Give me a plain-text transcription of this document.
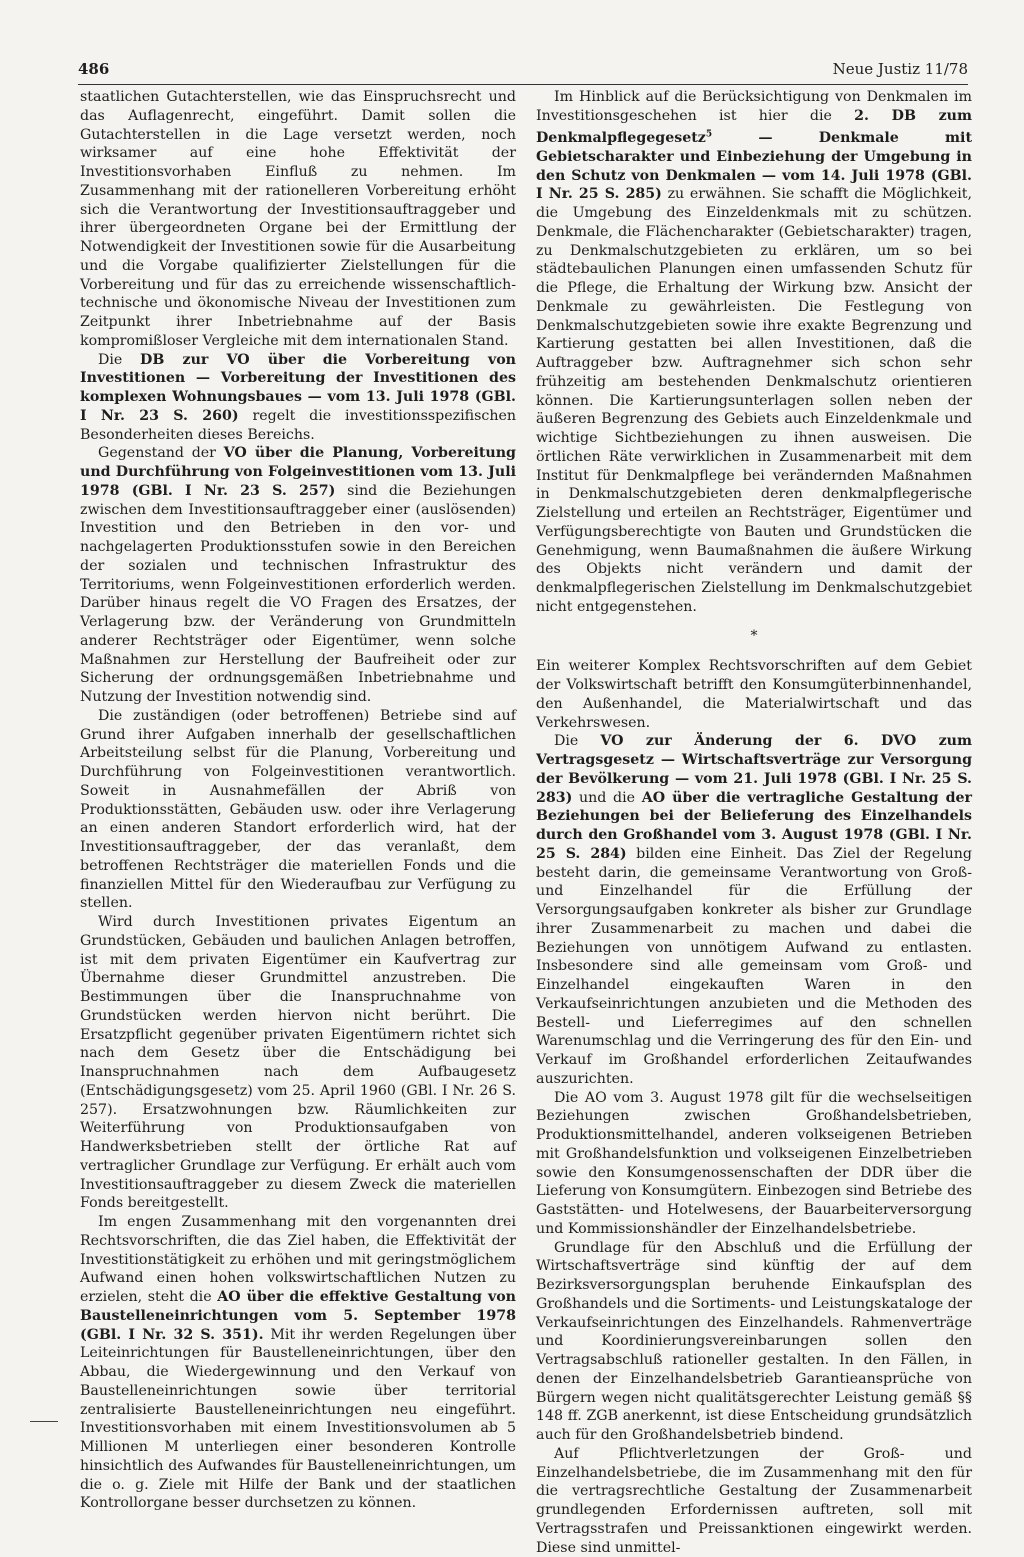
486	Neue Justiz 11/78

staatlichen Gutachterstellen, wie das Einspruchsrecht und das Auflagenrecht, eingeführt. Damit sollen die Gutachterstellen in die Lage versetzt werden, noch wirksamer auf eine hohe Effektivität der Investitionsvorhaben Einfluß zu nehmen. Im Zusammenhang mit der rationelleren Vorbereitung erhöht sich die Verantwortung der Investitionsauftraggeber und ihrer übergeordneten Organe bei der Ermittlung der Notwendigkeit der Investitionen sowie für die Ausarbeitung und die Vorgabe qualifizierter Zielstellungen für die Vorbereitung und für das zu erreichende wissenschaftlich-technische und ökonomische Niveau der Investitionen zum Zeitpunkt ihrer Inbetriebnahme auf der Basis kompromißloser Vergleiche mit dem internationalen Stand.

Die DB zur VO über die Vorbereitung von Investitionen — Vorbereitung der Investitionen des komplexen Wohnungsbaues — vom 13. Juli 1978 (GBl. I Nr. 23 S. 260) regelt die investitionsspezifischen Besonderheiten dieses Bereichs.

Gegenstand der VO über die Planung, Vorbereitung und Durchführung von Folgeinvestitionen vom 13. Juli 1978 (GBl. I Nr. 23 S. 257) sind die Beziehungen zwischen dem Investitionsauftraggeber einer (auslösenden) Investition und den Betrieben in den vor- und nachgelagerten Produktionsstufen sowie in den Bereichen der sozialen und technischen Infrastruktur des Territoriums, wenn Folgeinvestitionen erforderlich werden. Darüber hinaus regelt die VO Fragen des Ersatzes, der Verlagerung bzw. der Veränderung von Grundmitteln anderer Rechtsträger oder Eigentümer, wenn solche Maßnahmen zur Herstellung der Baufreiheit oder zur Sicherung der ordnungsgemäßen Inbetriebnahme und Nutzung der Investition notwendig sind.

Die zuständigen (oder betroffenen) Betriebe sind auf Grund ihrer Aufgaben innerhalb der gesellschaftlichen Arbeitsteilung selbst für die Planung, Vorbereitung und Durchführung von Folgeinvestitionen verantwortlich. Soweit in Ausnahmefällen der Abriß von Produktionsstätten, Gebäuden usw. oder ihre Verlagerung an einen anderen Standort erforderlich wird, hat der Investitionsauftraggeber, der das veranlaßt, dem betroffenen Rechtsträger die materiellen Fonds und die finanziellen Mittel für den Wiederaufbau zur Verfügung zu stellen.

Wird durch Investitionen privates Eigentum an Grundstücken, Gebäuden und baulichen Anlagen betroffen, ist mit dem privaten Eigentümer ein Kaufvertrag zur Übernahme dieser Grundmittel anzustreben. Die Bestimmungen über die Inanspruchnahme von Grundstücken werden hiervon nicht berührt. Die Ersatzpflicht gegenüber privaten Eigentümern richtet sich nach dem Gesetz über die Entschädigung bei Inanspruchnahmen nach dem Aufbaugesetz (Entschädigungsgesetz) vom 25. April 1960 (GBl. I Nr. 26 S. 257). Ersatzwohnungen bzw. Räumlichkeiten zur Weiterführung von Produktionsaufgaben von Handwerksbetrieben stellt der örtliche Rat auf vertraglicher Grundlage zur Verfügung. Er erhält auch vom Investitionsauftraggeber zu diesem Zweck die materiellen Fonds bereitgestellt.

Im engen Zusammenhang mit den vorgenannten drei Rechtsvorschriften, die das Ziel haben, die Effektivität der Investitionstätigkeit zu erhöhen und mit geringstmöglichem Aufwand einen hohen volkswirtschaftlichen Nutzen zu erzielen, steht die AO über die effektive Gestaltung von Baustelleneinrichtungen vom 5. September 1978 (GBl. I Nr. 32 S. 351). Mit ihr werden Regelungen über Leiteinrichtungen für Baustelleneinrichtungen, über den Abbau, die Wiedergewinnung und den Verkauf von Baustelleneinrichtungen sowie über territorial zentralisierte Baustelleneinrichtungen neu eingeführt. Investitionsvorhaben mit einem Investitionsvolumen ab 5 Millionen M unterliegen einer besonderen Kontrolle hinsichtlich des Aufwandes für Baustelleneinrichtungen, um die o. g. Ziele mit Hilfe der Bank und der staatlichen Kontrollorgane besser durchsetzen zu können.

Im Hinblick auf die Berücksichtigung von Denkmalen im Investitionsgeschehen ist hier die 2. DB zum Denkmalpflegegesetz$^5$ — Denkmale mit Gebietscharakter und Einbeziehung der Umgebung in den Schutz von Denkmalen — vom 14. Juli 1978 (GBl. I Nr. 25 S. 285) zu erwähnen. Sie schafft die Möglichkeit, die Umgebung des Einzeldenkmals mit zu schützen. Denkmale, die Flächencharakter (Gebietscharakter) tragen, zu Denkmalschutzgebieten zu erklären, um so bei städtebaulichen Planungen einen umfassenden Schutz für die Pflege, die Erhaltung der Wirkung bzw. Ansicht der Denkmale zu gewährleisten. Die Festlegung von Denkmalschutzgebieten sowie ihre exakte Begrenzung und Kartierung gestatten bei allen Investitionen, daß die Auftraggeber bzw. Auftragnehmer sich schon sehr frühzeitig am bestehenden Denkmalschutz orientieren können. Die Kartierungsunterlagen sollen neben der äußeren Begrenzung des Gebiets auch Einzeldenkmale und wichtige Sichtbeziehungen zu ihnen ausweisen. Die örtlichen Räte verwirklichen in Zusammenarbeit mit dem Institut für Denkmalpflege bei verändernden Maßnahmen in Denkmalschutzgebieten deren denkmalpflegerische Zielstellung und erteilen an Rechtsträger, Eigentümer und Verfügungsberechtigte von Bauten und Grundstücken die Genehmigung, wenn Baumaßnahmen die äußere Wirkung des Objekts nicht verändern und damit der denkmalpflegerischen Zielstellung im Denkmalschutzgebiet nicht entgegenstehen.

*

Ein weiterer Komplex Rechtsvorschriften auf dem Gebiet der Volkswirtschaft betrifft den Konsumgüterbinnenhandel, den Außenhandel, die Materialwirtschaft und das Verkehrswesen.

Die VO zur Änderung der 6. DVO zum Vertragsgesetz — Wirtschaftsverträge zur Versorgung der Bevölkerung — vom 21. Juli 1978 (GBl. I Nr. 25 S. 283) und die AO über die vertragliche Gestaltung der Beziehungen bei der Belieferung des Einzelhandels durch den Großhandel vom 3. August 1978 (GBl. I Nr. 25 S. 284) bilden eine Einheit. Das Ziel der Regelung besteht darin, die gemeinsame Verantwortung von Groß- und Einzelhandel für die Erfüllung der Versorgungsaufgaben konkreter als bisher zur Grundlage ihrer Zusammenarbeit zu machen und dabei die Beziehungen von unnötigem Aufwand zu entlasten. Insbesondere sind alle gemeinsam vom Groß- und Einzelhandel eingekauften Waren in den Verkaufseinrichtungen anzubieten und die Methoden des Bestell- und Lieferregimes auf den schnellen Warenumschlag und die Verringerung des für den Ein- und Verkauf im Großhandel erforderlichen Zeitaufwandes auszurichten.

Die AO vom 3. August 1978 gilt für die wechselseitigen Beziehungen zwischen Großhandelsbetrieben, Produktionsmittelhandel, anderen volkseigenen Betrieben mit Großhandelsfunktion und volkseigenen Einzelbetrieben sowie den Konsumgenossenschaften der DDR über die Lieferung von Konsumgütern. Einbezogen sind Betriebe des Gaststätten- und Hotelwesens, der Bauarbeiterversorgung und Kommissionshändler der Einzelhandelsbetriebe.

Grundlage für den Abschluß und die Erfüllung der Wirtschaftsverträge sind künftig der auf dem Bezirksversorgungsplan beruhende Einkaufsplan des Großhandels und die Sortiments- und Leistungskataloge der Verkaufseinrichtungen des Einzelhandels. Rahmenverträge und Koordinierungsvereinbarungen sollen den Vertragsabschluß rationeller gestalten. In den Fällen, in denen der Einzelhandelsbetrieb Garantieansprüche von Bürgern wegen nicht qualitätsgerechter Leistung gemäß §§ 148 ff. ZGB anerkennt, ist diese Entscheidung grundsätzlich auch für den Großhandelsbetrieb bindend.

Auf Pflichtverletzungen der Groß- und Einzelhandelsbetriebe, die im Zusammenhang mit den für die vertragsrechtliche Gestaltung der Zusammenarbeit grundlegenden Erfordernissen auftreten, soll mit Vertragsstrafen und Preissanktionen eingewirkt werden. Diese sind unmittel-
